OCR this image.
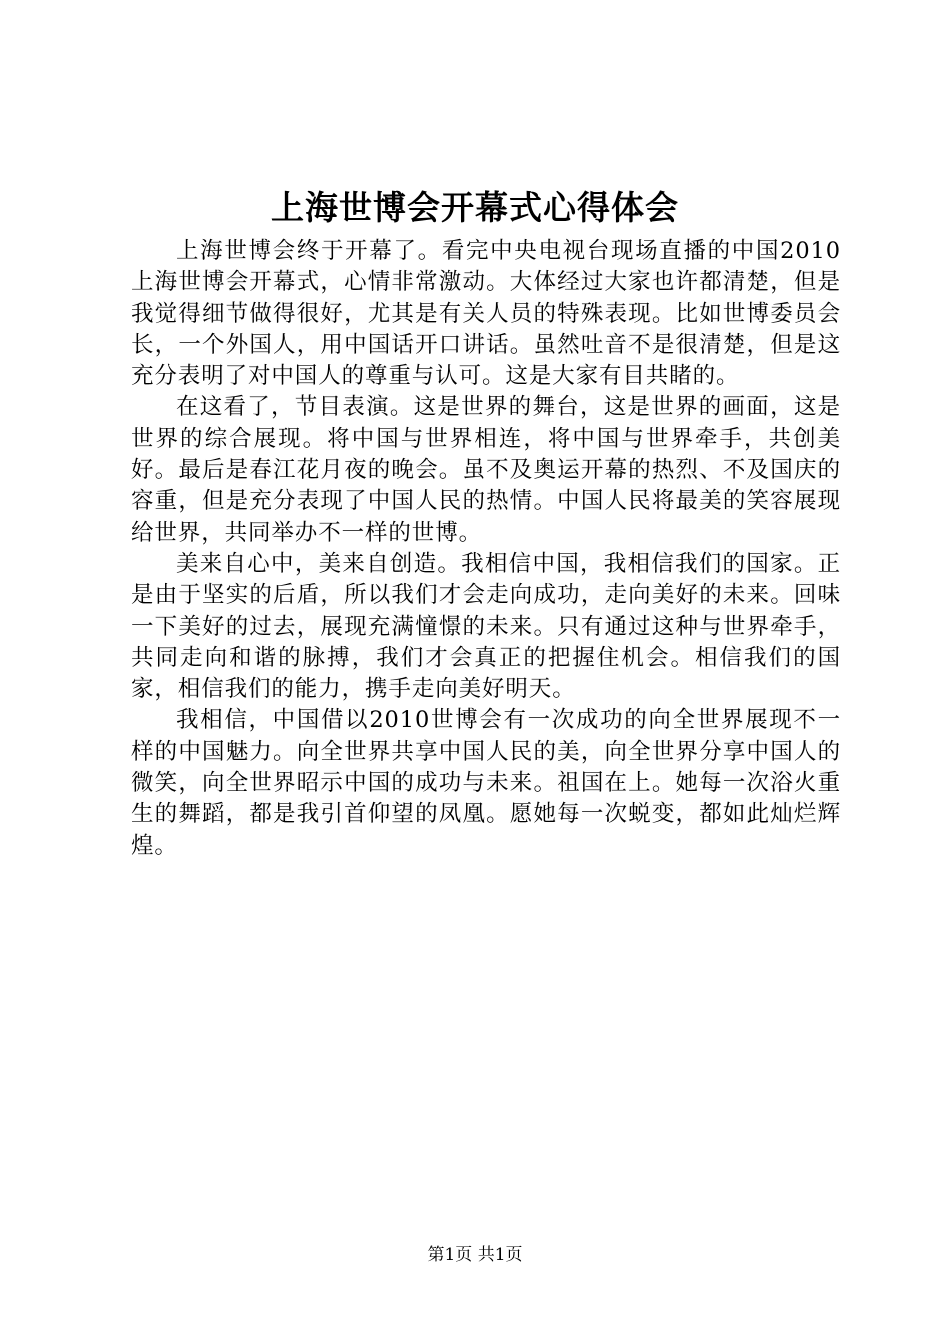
上海世博会开幕式心得体会

上海世博会终于开幕了。看完中央电视台现场直播的中国2010上海世博会开幕式，心情非常激动。大体经过大家也许都清楚，但是我觉得细节做得很好，尤其是有关人员的特殊表现。比如世博委员会长，一个外国人，用中国话开口讲话。虽然吐音不是很清楚，但是这充分表明了对中国人的尊重与认可。这是大家有目共睹的。

在这看了，节目表演。这是世界的舞台，这是世界的画面，这是世界的综合展现。将中国与世界相连，将中国与世界牵手，共创美好。最后是春江花月夜的晚会。虽不及奥运开幕的热烈、不及国庆的容重，但是充分表现了中国人民的热情。中国人民将最美的笑容展现给世界，共同举办不一样的世博。

美来自心中，美来自创造。我相信中国，我相信我们的国家。正是由于坚实的后盾，所以我们才会走向成功，走向美好的未来。回味一下美好的过去，展现充满憧憬的未来。只有通过这种与世界牵手，共同走向和谐的脉搏，我们才会真正的把握住机会。相信我们的国家，相信我们的能力，携手走向美好明天。

我相信，中国借以2010世博会有一次成功的向全世界展现不一样的中国魅力。向全世界共享中国人民的美，向全世界分享中国人的微笑，向全世界昭示中国的成功与未来。祖国在上。她每一次浴火重生的舞蹈，都是我引首仰望的凤凰。愿她每一次蜕变，都如此灿烂辉煌。

第1页 共1页
